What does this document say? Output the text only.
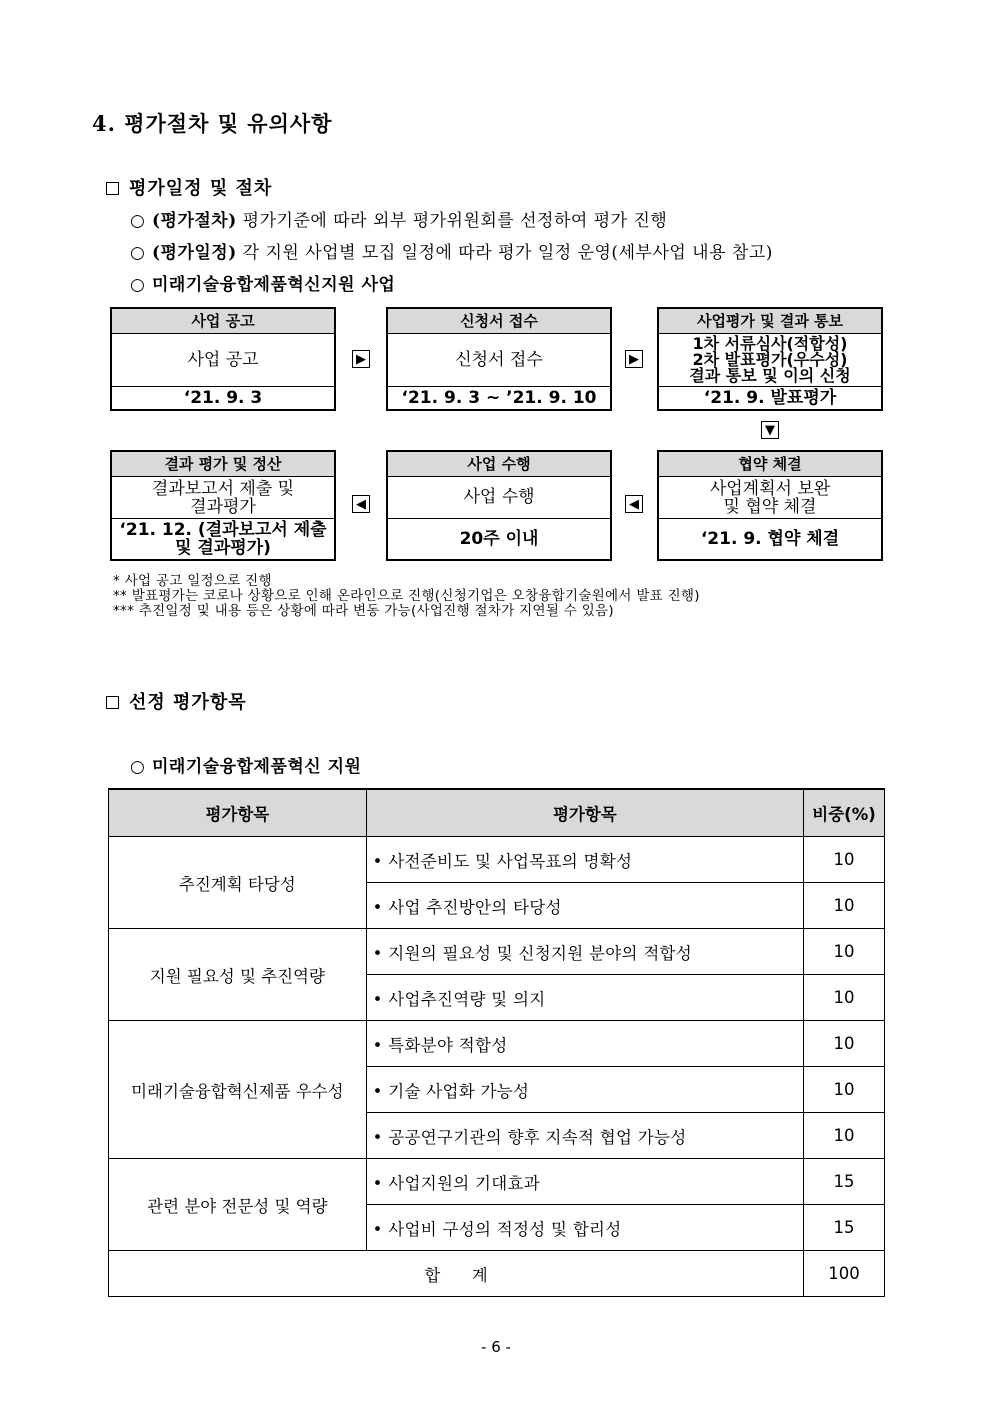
4. 평가절차 및 유의사항
평가일정 및 절차
○ (평가절차) 평가기준에 따라 외부 평가위원회를 선정하여 평가 진행
○ (평가일정) 각 지원 사업별 모집 일정에 따라 평가 일정 운영(세부사업 내용 참고)
○ 미래기술융합제품혁신지원 사업
사업 공고
사업 공고
‘21. 9. 3
▶
신청서 접수
신청서 접수
‘21. 9. 3 ~ ’21. 9. 10
▶
사업평가 및 결과 통보
1차 서류심사(적합성)
2차 발표평가(우수성)
결과 통보 및 이의 신청
‘21. 9. 발표평가
▼
결과 평가 및 정산
결과보고서 제출 및
결과평가
‘21. 12. (결과보고서 제출
및 결과평가)
◀
사업 수행
사업 수행
20주 이내
◀
협약 체결
사업계획서 보완
및 협약 체결
‘21. 9. 협약 체결
* 사업 공고 일정으로 진행
** 발표평가는 코로나 상황으로 인해 온라인으로 진행(신청기업은 오창융합기술원에서 발표 진행)
*** 추진일정 및 내용 등은 상황에 따라 변동 가능(사업진행 절차가 지연될 수 있음)
선정 평가항목
○ 미래기술융합제품혁신 지원
평가항목	평가항목	비중(%)
추진계획 타당성	• 사전준비도 및 사업목표의 명확성	10
	• 사업 추진방안의 타당성	10
지원 필요성 및 추진역량	• 지원의 필요성 및 신청지원 분야의 적합성	10
	• 사업추진역량 및 의지	10
미래기술융합혁신제품 우수성	• 특화분야 적합성	10
	• 기술 사업화 가능성	10
	• 공공연구기관의 향후 지속적 협업 가능성	10
관련 분야 전문성 및 역량	• 사업지원의 기대효과	15
	• 사업비 구성의 적정성 및 합리성	15
합      계		100
- 6 -
